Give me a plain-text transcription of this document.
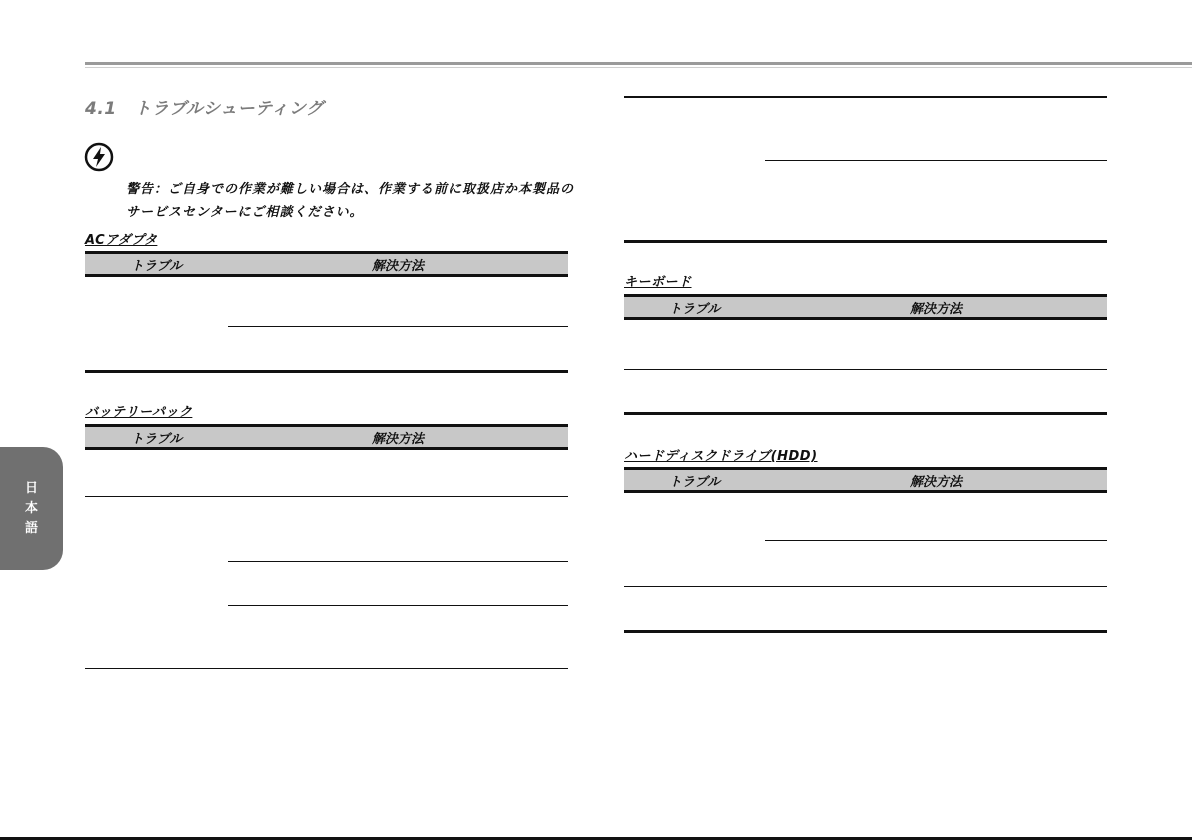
4.1　トラブルシューティング
警告：ご自身での作業が難しい場合は、作業する前に取扱店か本製品のサービスセンターにご相談ください。
ACアダプタ
トラブル	解決方法
バッテリーパック
トラブル	解決方法
キーボード
トラブル	解決方法
ハードディスクドライブ(HDD)
トラブル	解決方法
日
本
語
